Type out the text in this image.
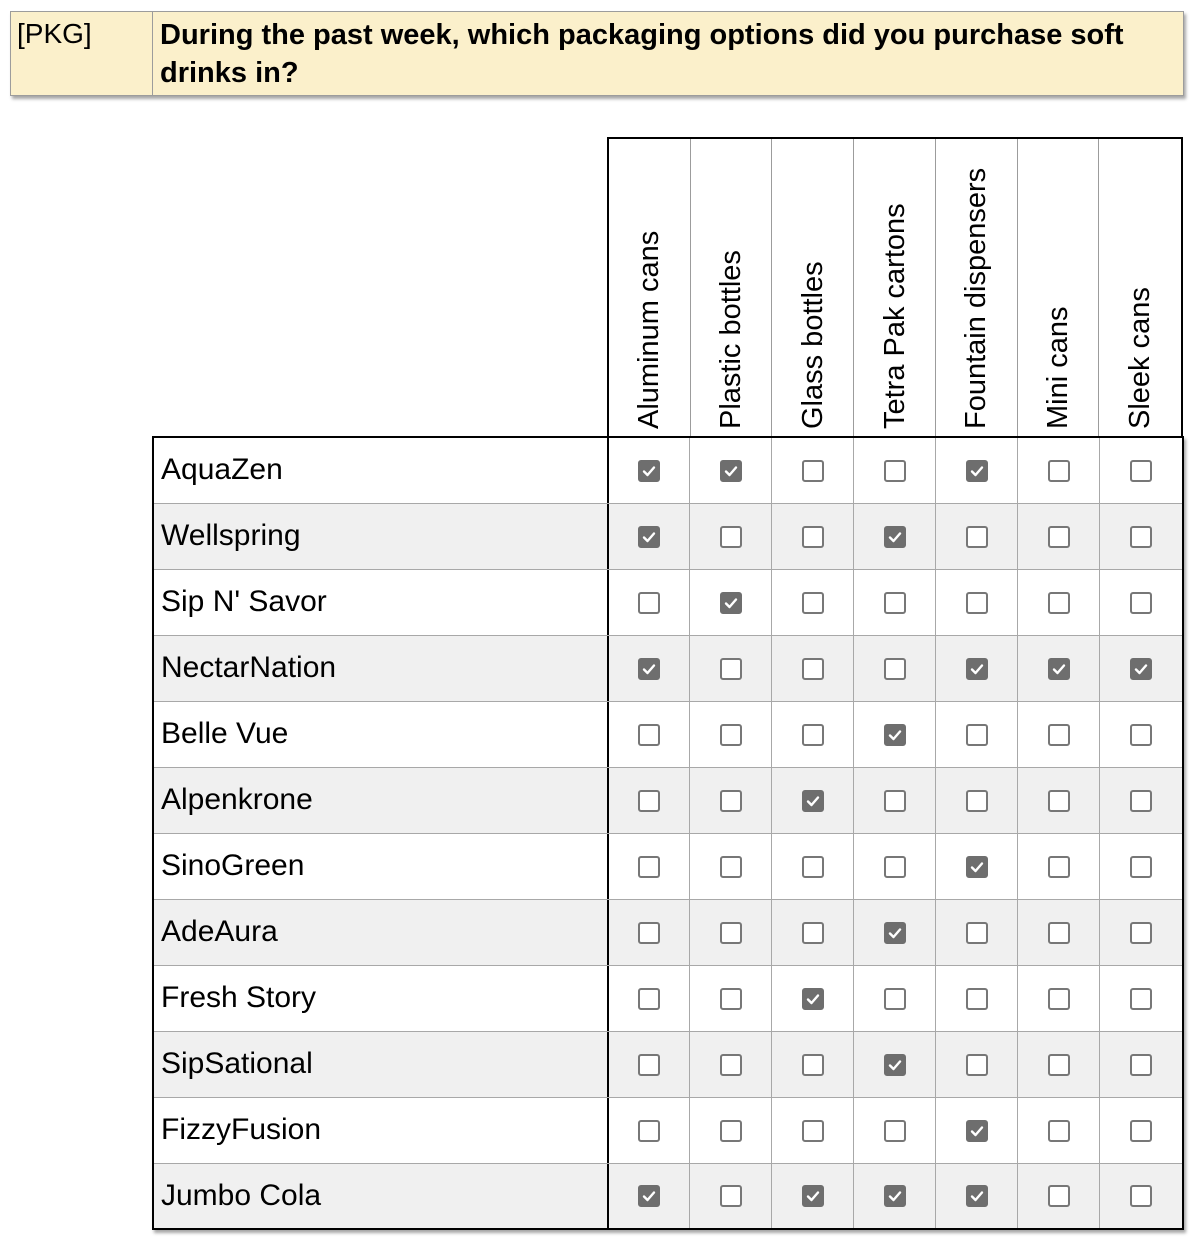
[PKG]	During the past week, which packaging options did you purchase soft drinks in?
Aluminum cans Plastic bottles Glass bottles Tetra Pak cartons Fountain dispensers Mini cans Sleek cans
AquaZen
Wellspring
Sip N' Savor
NectarNation
Belle Vue
Alpenkrone
SinoGreen
AdeAura
Fresh Story
SipSational
FizzyFusion
Jumbo Cola
